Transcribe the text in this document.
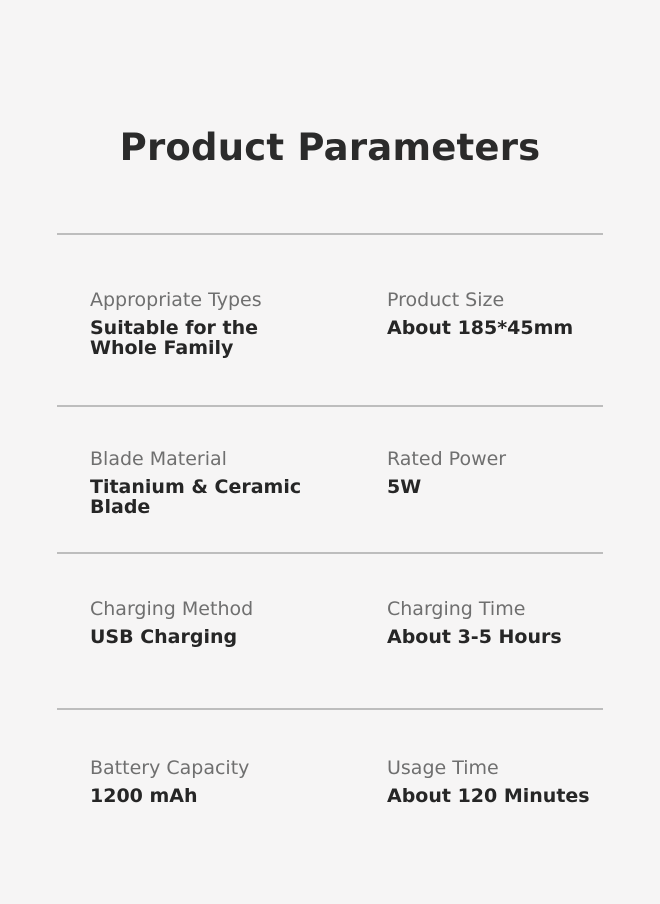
Product Parameters
Appropriate Types
Suitable for the
Whole Family
Product Size
About 185*45mm
Blade Material
Titanium & Ceramic Blade
Rated Power
5W
Charging Method
USB Charging
Charging Time
About 3-5 Hours
Battery Capacity
1200 mAh
Usage Time
About 120 Minutes
